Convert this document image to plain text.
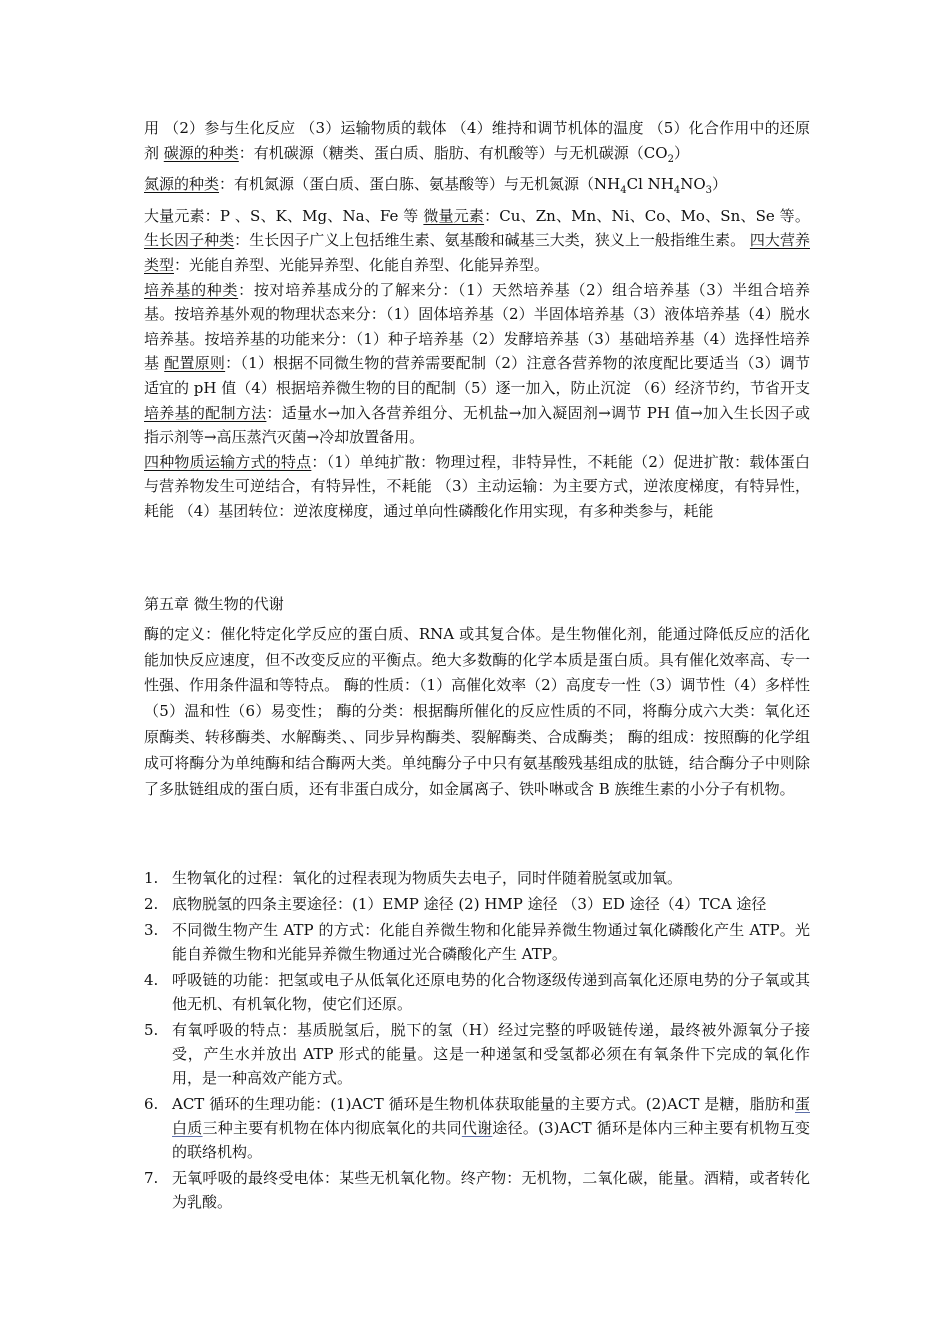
用 （2）参与生化反应 （3）运输物质的载体 （4）维持和调节机体的温度 （5）化合作用中的还原剂 碳源的种类：有机碳源（糖类、蛋白质、脂肪、有机酸等）与无机碳源$(CO_2)$
氮源的种类：有机氮源（蛋白质、蛋白胨、氨基酸等）与无机氮源（$NH_4Cl$ $NH_4NO_3$）
大量元素：P 、S、K、Mg、Na、Fe 等 微量元素：Cu、Zn、Mn、Ni、Co、Mo、Sn、Se 等。 生长因子种类：生长因子广义上包括维生素、氨基酸和碱基三大类，狭义上一般指维生素。 四大营养类型：光能自养型、光能异养型、化能自养型、化能异养型。
培养基的种类：按对培养基成分的了解来分：（1）天然培养基（2）组合培养基（3）半组合培养基。按培养基外观的物理状态来分：（1）固体培养基（2）半固体培养基（3）液体培养基（4）脱水培养基。按培养基的功能来分：（1）种子培养基（2）发酵培养基（3）基础培养基（4）选择性培养基 配置原则：（1）根据不同微生物的营养需要配制（2）注意各营养物的浓度配比要适当（3）调节适宜的 pH 值（4）根据培养微生物的目的配制（5）逐一加入，防止沉淀 （6）经济节约，节省开支 培养基的配制方法：适量水→加入各营养组分、无机盐→加入凝固剂→调节 PH 值→加入生长因子或指示剂等→高压蒸汽灭菌→冷却放置备用。
四种物质运输方式的特点：（1）单纯扩散：物理过程，非特异性，不耗能（2）促进扩散：载体蛋白与营养物发生可逆结合，有特异性，不耗能 （3）主动运输：为主要方式，逆浓度梯度，有特异性，耗能 （4）基团转位：逆浓度梯度，通过单向性磷酸化作用实现，有多种类参与，耗能
第五章 微生物的代谢
酶的定义：催化特定化学反应的蛋白质、RNA 或其复合体。是生物催化剂，能通过降低反应的活化能加快反应速度，但不改变反应的平衡点。绝大多数酶的化学本质是蛋白质。具有催化效率高、专一性强、作用条件温和等特点。 酶的性质：（1）高催化效率（2）高度专一性（3）调节性（4）多样性（5）温和性（6）易变性； 酶的分类：根据酶所催化的反应性质的不同，将酶分成六大类：氧化还原酶类、转移酶类、水解酶类、、同步异构酶类、裂解酶类、合成酶类； 酶的组成：按照酶的化学组成可将酶分为单纯酶和结合酶两大类。单纯酶分子中只有氨基酸残基组成的肽链，结合酶分子中则除了多肽链组成的蛋白质，还有非蛋白成分，如金属离子、铁卟啉或含 B 族维生素的小分子有机物。
1. 生物氧化的过程：氧化的过程表现为物质失去电子，同时伴随着脱氢或加氧。
2. 底物脱氢的四条主要途径：(1）EMP 途径 (2) HMP 途径 （3）ED 途径（4）TCA 途径
3. 不同微生物产生 ATP 的方式：化能自养微生物和化能异养微生物通过氧化磷酸化产生 ATP。光能自养微生物和光能异养微生物通过光合磷酸化产生 ATP。
4. 呼吸链的功能：把氢或电子从低氧化还原电势的化合物逐级传递到高氧化还原电势的分子氧或其他无机、有机氧化物，使它们还原。
5. 有氧呼吸的特点：基质脱氢后，脱下的氢（H）经过完整的呼吸链传递，最终被外源氧分子接受，产生水并放出 ATP 形式的能量。这是一种递氢和受氢都必须在有氧条件下完成的氧化作用，是一种高效产能方式。
6. ACT 循环的生理功能：(1)ACT 循环是生物机体获取能量的主要方式。(2)ACT 是糖，脂肪和蛋白质三种主要有机物在体内彻底氧化的共同代谢途径。(3)ACT 循环是体内三种主要有机物互变的联络机构。
7. 无氧呼吸的最终受电体：某些无机氧化物。终产物：无机物，二氧化碳，能量。酒精，或者转化为乳酸。
